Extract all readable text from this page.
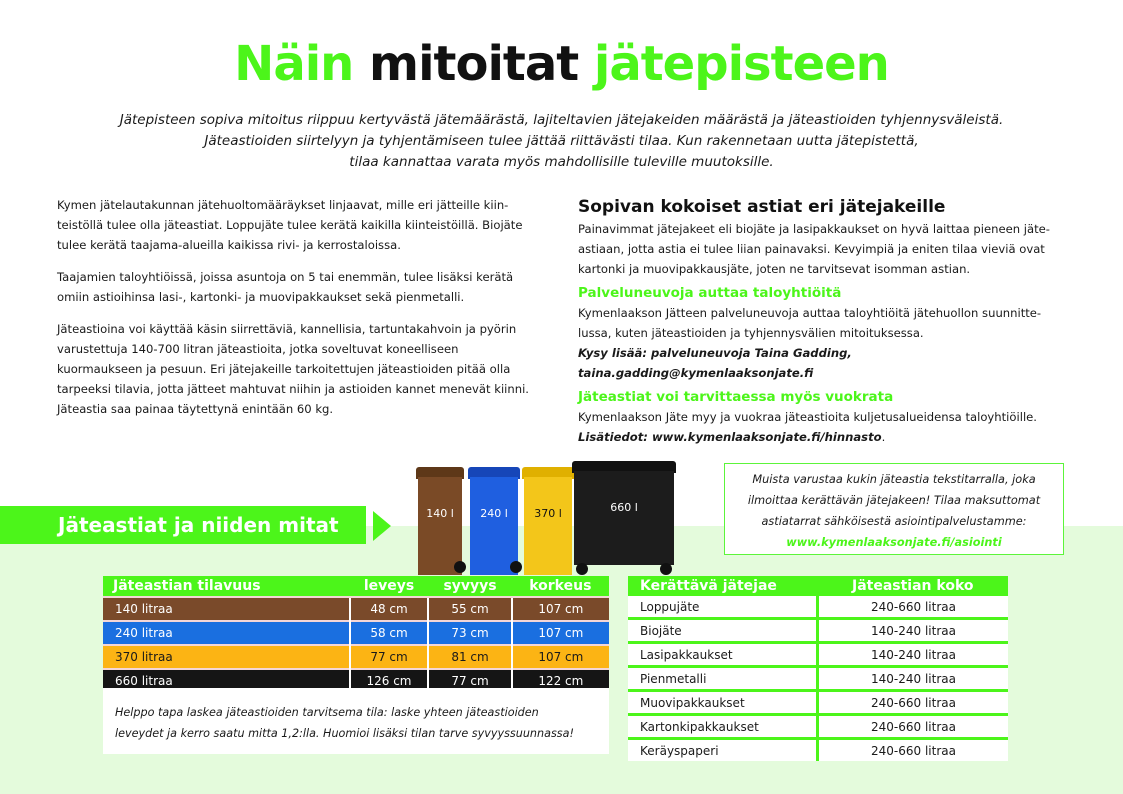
Näin mitoitat jätepisteen
Jätepisteen sopiva mitoitus riippuu kertyvästä jätemäärästä, lajiteltavien jätejakeiden määrästä ja jäteastioiden tyhjennysväleistä.
Jäteastioiden siirtelyyn ja tyhjentämiseen tulee jättää riittävästi tilaa. Kun rakennetaan uutta jätepistettä,
tilaa kannattaa varata myös mahdollisille tuleville muutoksille.

Kymen jätelautakunnan jätehuoltomääräykset linjaavat, mille eri jätteille kiin-teistöllä tulee olla jäteastiat. Loppujäte tulee kerätä kaikilla kiinteistöillä. Biojäte tulee kerätä taajama-alueilla kaikissa rivi- ja kerrostaloissa.

Taajamien taloyhtiöissä, joissa asuntoja on 5 tai enemmän, tulee lisäksi kerätä omiin astioihinsa lasi-, kartonki- ja muovipakkaukset sekä pienmetalli.

Jäteastioina voi käyttää käsin siirrettäviä, kannellisia, tartuntakahvoin ja pyörin varustettuja 140-700 litran jäteastioita, jotka soveltuvat koneelliseen kuormaukseen ja pesuun. Eri jätejakeille tarkoitettujen jäteastioiden pitää olla tarpeeksi tilavia, jotta jätteet mahtuvat niihin ja astioiden kannet menevät kiinni. Jäteastia saa painaa täytettynä enintään 60 kg.

Sopivan kokoiset astiat eri jätejakeille

Painavimmat jätejakeet eli biojäte ja lasipakkaukset on hyvä laittaa pieneen jäte-astiaan, jotta astia ei tulee liian painavaksi. Kevyimpiä ja eniten tilaa vieviä ovat kartonki ja muovipakkausjäte, joten ne tarvitsevat isomman astian.

Palveluneuvoja auttaa taloyhtiöitä

Kymenlaakson Jätteen palveluneuvoja auttaa taloyhtiöitä jätehuollon suunnitte-lussa, kuten jäteastioiden ja tyhjennysvälien mitoituksessa.

Kysy lisää: palveluneuvoja Taina Gadding, taina.gadding@kymenlaaksonjate.fi

Jäteastiat voi tarvittaessa myös vuokrata

Kymenlaakson Jäte myy ja vuokraa jäteastioita kuljetusalueidensa taloyhtiöille.

Lisätiedot: www.kymenlaaksonjate.fi/hinnasto.

Jäteastiat ja niiden mitat	140 l	240 l	370 l	660 l
Muista varustaa kukin jäteastia tekstitarralla, joka
ilmoittaa kerättävän jätejakeen! Tilaa maksuttomat
astiatarrat sähköisestä asiointipalvelustamme:
www.kymenlaaksonjate.fi/asiointi
Jäteastian tilavuus	leveys	syvyys	korkeus
140 litraa	48 cm	55 cm	107 cm
240 litraa	58 cm	73 cm	107 cm
370 litraa	77 cm	81 cm	107 cm
660 litraa	126 cm	77 cm	122 cm
Helppo tapa laskea jäteastioiden tarvitsema tila: laske yhteen jäteastioiden
leveydet ja kerro saatu mitta 1,2:lla. Huomioi lisäksi tilan tarve syvyyssuunnassa!
Kerättävä jätejae	Jäteastian koko
Loppujäte	240-660 litraa
Biojäte	140-240 litraa
Lasipakkaukset	140-240 litraa
Pienmetalli	140-240 litraa
Muovipakkaukset	240-660 litraa
Kartonkipakkaukset	240-660 litraa
Keräyspaperi	240-660 litraa
